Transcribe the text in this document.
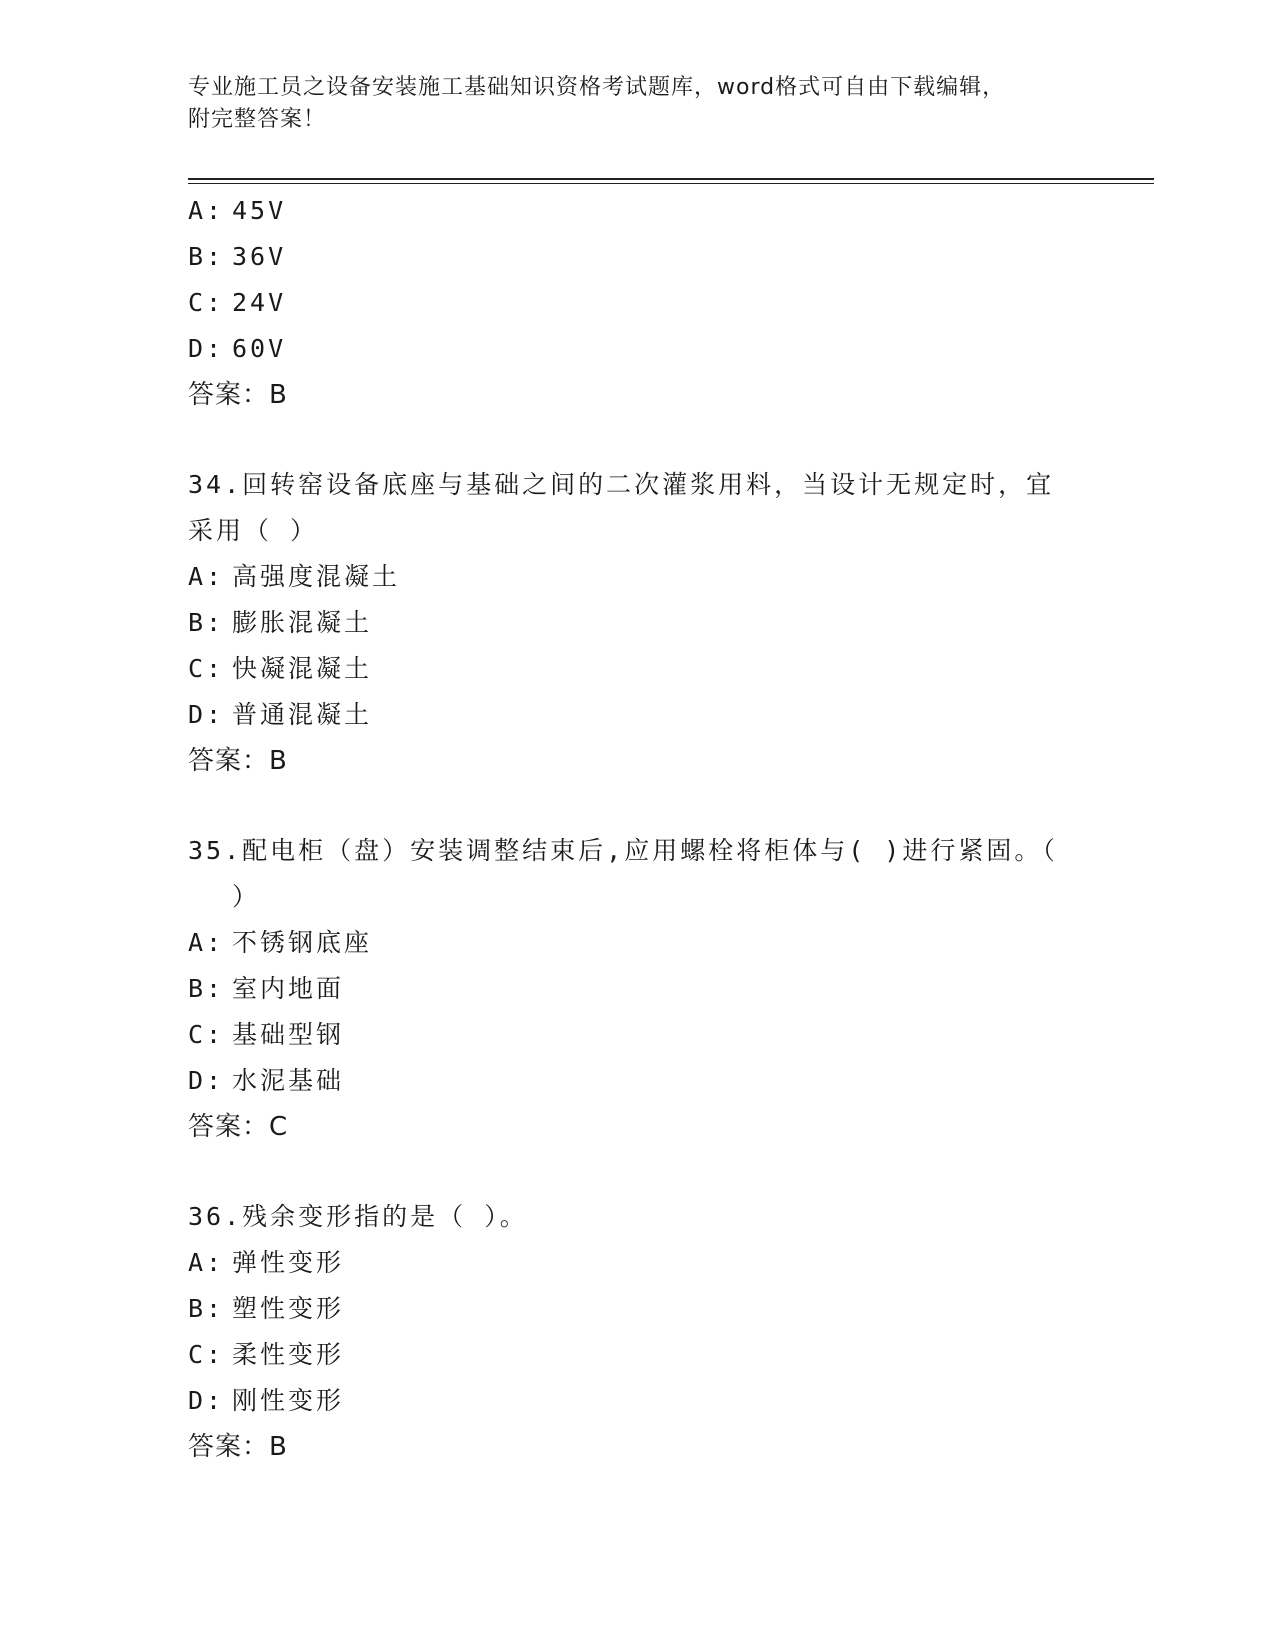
专业施工员之设备安装施工基础知识资格考试题库，word格式可自由下载编辑，
附完整答案！
A: 45V
B: 36V
C: 24V
D: 60V
答案：B
34.回转窑设备底座与基础之间的二次灌浆用料，当设计无规定时，宜
采用（ ）
A: 高强度混凝土
B: 膨胀混凝土
C: 快凝混凝土
D: 普通混凝土
答案：B
35.配电柜（盘）安装调整结束后,应用螺栓将柜体与( )进行紧固。（
）
A: 不锈钢底座
B: 室内地面
C: 基础型钢
D: 水泥基础
答案：C
36.残余变形指的是（ ）。
A: 弹性变形
B: 塑性变形
C: 柔性变形
D: 刚性变形
答案：B
